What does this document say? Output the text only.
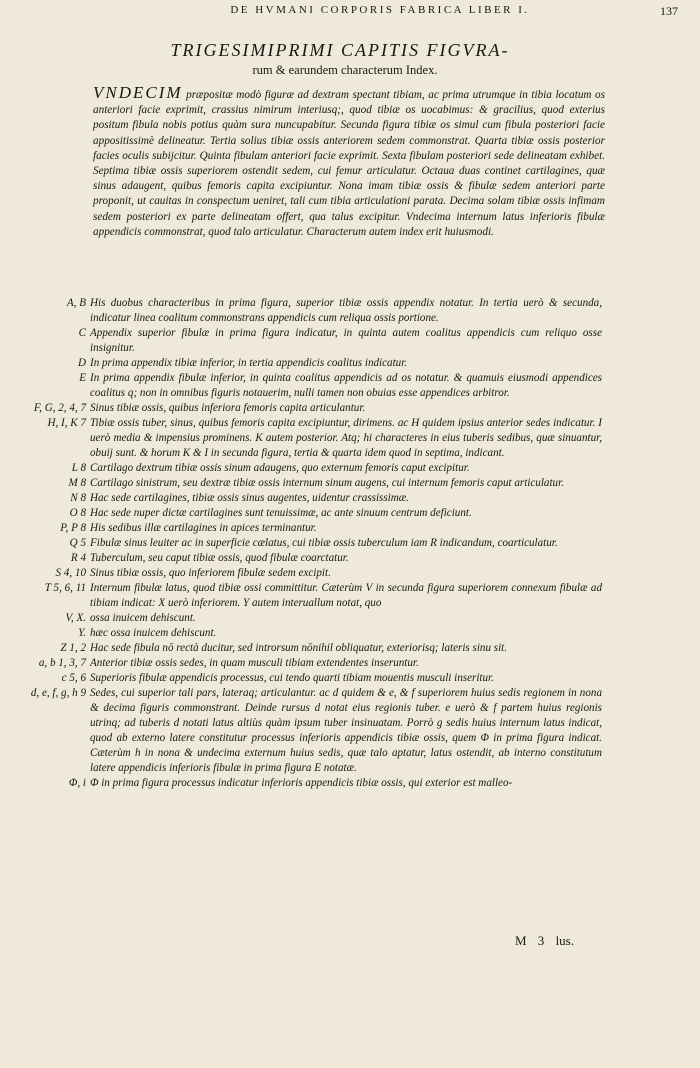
DE HVMANI CORPORIS FABRICA LIBER I.	137
TRIGESIMIPRIMI CAPITIS FIGVRA-
rum & earundem characterum Index.
VNDECIM præpositæ modò figuræ ad dextram spectant tibiam, ac prima utrumque in tibia locatum os anteriori facie exprimit, crassius nimirum interiusq;, quod tibiæ os uocabimus: & gracilius, quod exterius positum fibula nobis potius quàm sura nuncupabitur. Secunda figura tibiæ os simul cum fibula posteriori facie appositissimè delineatur. Tertia solius tibiæ ossis anteriorem sedem commonstrat. Quarta tibiæ ossis posterior facies oculis subijcitur. Quinta fibulam anteriori facie exprimit. Sexta fibulam posteriori sede delineatam exhibet. Septima tibiæ ossis superiorem ostendit sedem, cui femur articulatur. Octaua duas continet cartilagines, quæ sinus adaugent, quibus femoris capita excipiuntur. Nona imam tibiæ ossis & fibulæ sedem anteriori parte proponit, ut cauitas in conspectum ueniret, tali cum tibia articulationi parata. Decima solam tibiæ ossis infimam sedem posteriori ex parte delineatam offert, qua talus excipitur. Vndecima internum latus inferioris fibulæ appendicis commonstrat, quod talo articulatur. Characterum autem index erit huiusmodi.
A, B His duobus characteribus in prima figura, superior tibiæ ossis appendix notatur. In tertia uerò & secunda, indicatur linea coalitum commonstrans appendicis cum reliqua ossis portione.
C Appendix superior fibulæ in prima figura indicatur, in quinta autem coalitus appendicis cum reliquo osse insignitur.
D In prima appendix tibiæ inferior, in tertia appendicis coalitus indicatur.
E In prima appendix fibulæ inferior, in quinta coalitus appendicis ad os notatur. & quamuis eiusmodi appendices coalitus q; non in omnibus figuris notauerim, nulli tamen non obuias esse appendices arbitror.
F, G, 2, 4, 7 Sinus tibiæ ossis, quibus inferiora femoris capita articulantur.
H, I, K 7 Tibiæ ossis tuber, sinus, quibus femoris capita excipiuntur, dirimens. ac H quidem ipsius anterior sedes indicatur. I uerò media & impensius prominens. K autem posterior. Atq; hi characteres in eius tuberis sedibus, quæ sinuantur, obuij sunt. & horum K & I in secunda figura, tertia & quarta idem quod in septima, indicant.
L 8 Cartilago dextrum tibiæ ossis sinum adaugens, quo externum femoris caput excipitur.
M 8 Cartilago sinistrum, seu dextræ tibiæ ossis internum sinum augens, cui internum femoris caput articulatur.
N 8 Hac sede cartilagines, tibiæ ossis sinus augentes, uidentur crassissimæ.
O 8 Hac sede nuper dictæ cartilagines sunt tenuissimæ, ac ante sinuum centrum deficiunt.
P, P 8 His sedibus illæ cartilagines in apices terminantur.
Q 5 Fibulæ sinus leuiter ac in superficie cælatus, cui tibiæ ossis tuberculum iam R indicandum, coarticulatur.
R 4 Tuberculum, seu caput tibiæ ossis, quod fibulæ coarctatur.
S 4, 10 Sinus tibiæ ossis, quo inferiorem fibulæ sedem excipit.
T 5, 6, 11 Internum fibulæ latus, quod tibiæ ossi committitur. Cæterùm V in secunda figura superiorem connexum fibulæ ad tibiam indicat: X uerò inferiorem. Y autem interuallum notat, quo
V, X. ossa inuicem dehiscunt.
Y. hæc ossa inuicem dehiscunt.
Z 1, 2 Hac sede fibula nō rectà ducitur, sed introrsum nōnihil obliquatur, exteriorisq; lateris sinu sit.
a, b 1, 3, 7 Anterior tibiæ ossis sedes, in quam musculi tibiam extendentes inseruntur.
c 5, 6 Superioris fibulæ appendicis processus, cui tendo quarti tibiam mouentis musculi inseritur.
d, e, f, g, h 9 Sedes, cui superior tali pars, lateraq; articulantur. ac d quidem & e, & f superiorem huius sedis regionem in nona & decima figuris commonstrant. Deinde rursus d notat eius regionis tuber. e uerò & f partem huius regionis utrinq; ad tuberis d notati latus altiùs quàm ipsum tuber insinuatam. Porrò g sedis huius internum latus indicat, quod ab externo latere constitutur processus inferioris appendicis tibiæ ossis, quem Φ in prima figura indicat. Cæterùm h in nona & undecima externum huius sedis, quæ talo aptatur, latus ostendit, ab interno constitutum latere appendicis inferioris fibulæ in prima figura E notatæ.
Φ, i Φ in prima figura processus indicatur inferioris appendicis tibiæ ossis, qui exterior est malleo-
M 3 lus.
